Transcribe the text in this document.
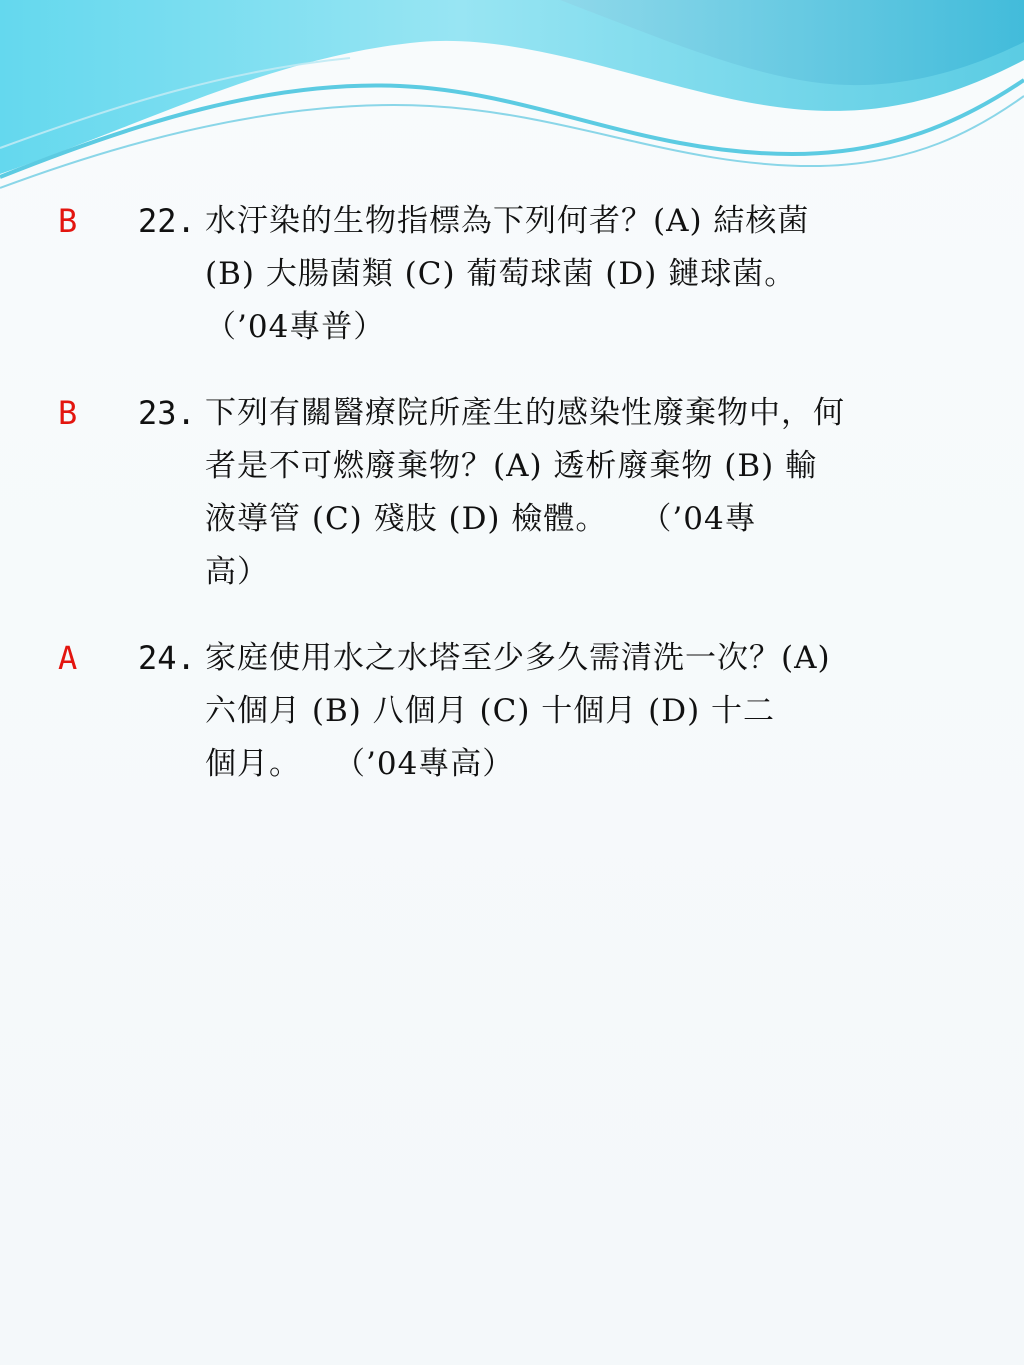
B	22. 水汙染的生物指標為下列何者？(A) 結核菌
(B) 大腸菌類 (C) 葡萄球菌 (D) 鏈球菌。
（’04專普）
B	23. 下列有關醫療院所產生的感染性廢棄物中，何
者是不可燃廢棄物？(A) 透析廢棄物 (B) 輸
液導管 (C) 殘肢 (D) 檢體。　　（’04專
高）
A	24. 家庭使用水之水塔至少多久需清洗一次？(A)
六個月 (B) 八個月 (C) 十個月 (D) 十二
個月。　　（’04專高）
